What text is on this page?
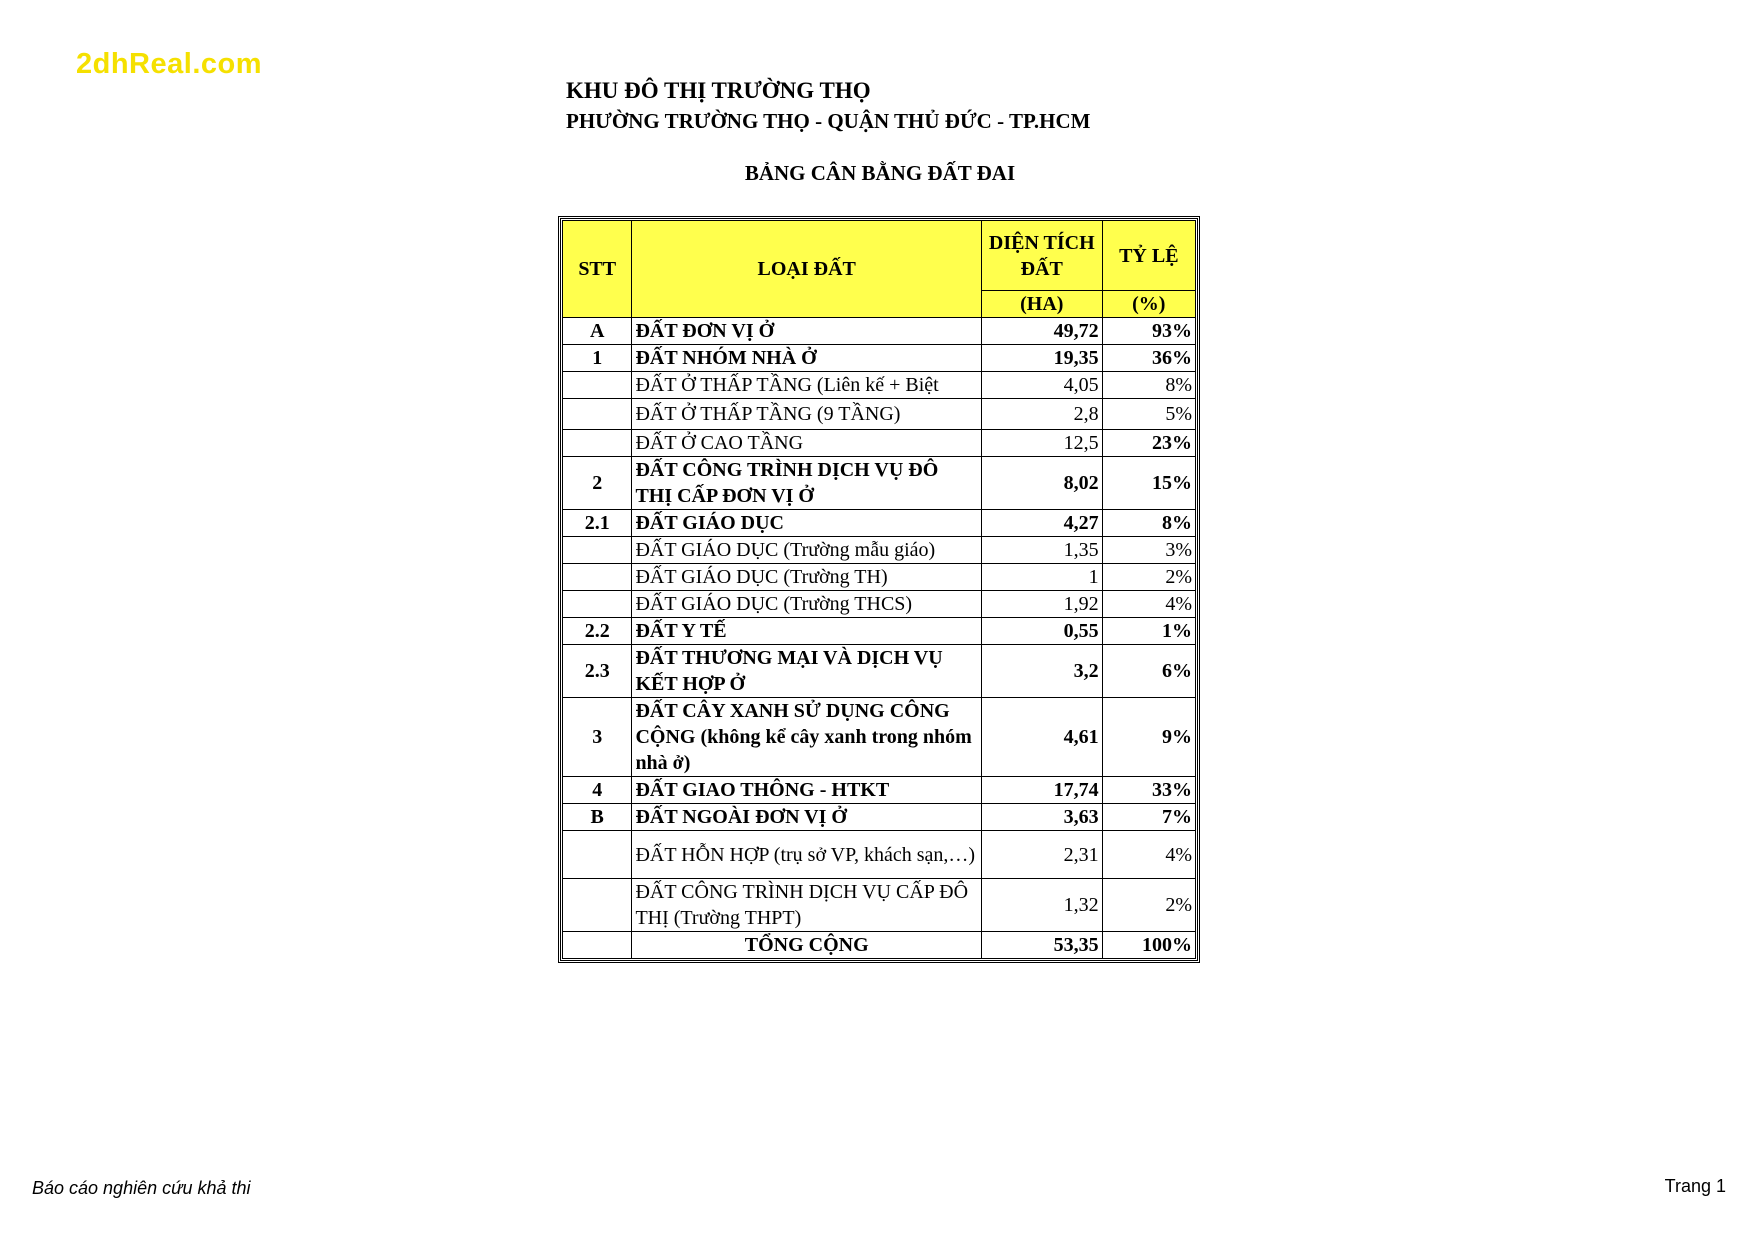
2dhReal.com
KHU ĐÔ THỊ TRƯỜNG THỌ
PHƯỜNG TRƯỜNG THỌ - QUẬN THỦ ĐỨC - TP.HCM
BẢNG CÂN BẰNG ĐẤT ĐAI
STT	LOẠI ĐẤT	DIỆN TÍCH ĐẤT	TỶ LỆ
		(HA)	(%)
A	ĐẤT ĐƠN VỊ Ở	49,72	93%
1	ĐẤT NHÓM NHÀ Ở	19,35	36%
	ĐẤT Ở THẤP TẦNG (Liên kế + Biệt	4,05	8%
	ĐẤT Ở THẤP TẦNG (9 TẦNG)	2,8	5%
	ĐẤT Ở CAO TẦNG	12,5	23%
2	ĐẤT CÔNG TRÌNH DỊCH VỤ ĐÔ THỊ CẤP ĐƠN VỊ Ở	8,02	15%
2.1	ĐẤT GIÁO DỤC	4,27	8%
	ĐẤT GIÁO DỤC (Trường mẫu giáo)	1,35	3%
	ĐẤT GIÁO DỤC (Trường TH)	1	2%
	ĐẤT GIÁO DỤC (Trường THCS)	1,92	4%
2.2	ĐẤT Y TẾ	0,55	1%
2.3	ĐẤT THƯƠNG MẠI VÀ DỊCH VỤ KẾT HỢP Ở	3,2	6%
3	ĐẤT CÂY XANH SỬ DỤNG CÔNG CỘNG (không kể cây xanh trong nhóm nhà ở)	4,61	9%
4	ĐẤT GIAO THÔNG - HTKT	17,74	33%
B	ĐẤT NGOÀI ĐƠN VỊ Ở	3,63	7%
	ĐẤT HỖN HỢP (trụ sở VP, khách sạn,…)	2,31	4%
	ĐẤT CÔNG TRÌNH DỊCH VỤ CẤP ĐÔ THỊ (Trường THPT)	1,32	2%
	TỔNG CỘNG	53,35	100%
Báo cáo nghiên cứu khả thi	Trang 1
